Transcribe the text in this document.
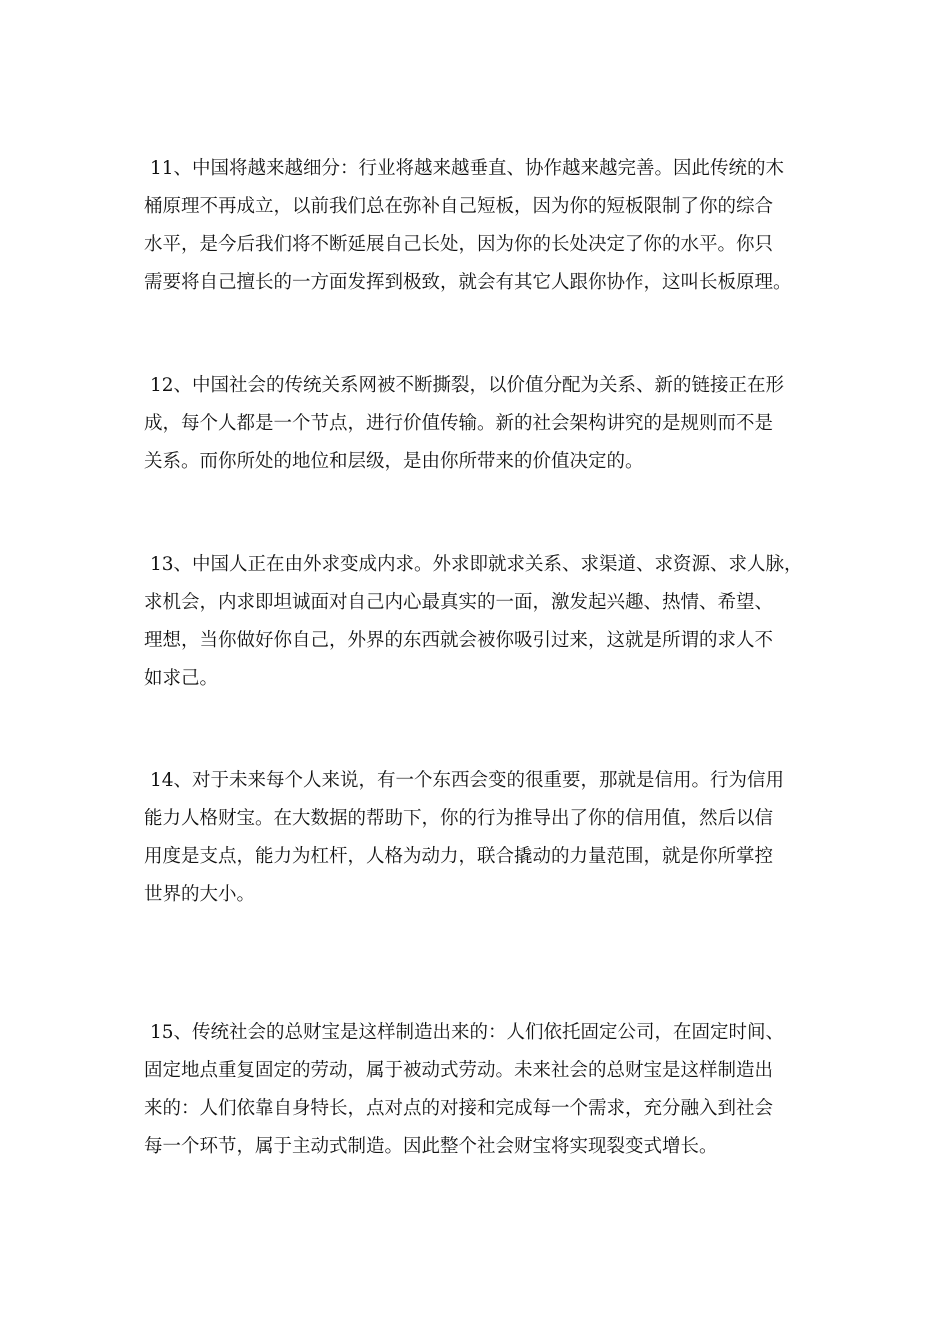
11、中国将越来越细分：行业将越来越垂直、协作越来越完善。因此传统的木
桶原理不再成立，以前我们总在弥补自己短板，因为你的短板限制了你的综合
水平，是今后我们将不断延展自己长处，因为你的长处决定了你的水平。你只
需要将自己擅长的一方面发挥到极致，就会有其它人跟你协作，这叫长板原理。

12、中国社会的传统关系网被不断撕裂，以价值分配为关系、新的链接正在形
成，每个人都是一个节点，进行价值传输。新的社会架构讲究的是规则而不是
关系。而你所处的地位和层级，是由你所带来的价值决定的。

13、中国人正在由外求变成内求。外求即就求关系、求渠道、求资源、求人脉，
求机会，内求即坦诚面对自己内心最真实的一面，激发起兴趣、热情、希望、
理想，当你做好你自己，外界的东西就会被你吸引过来，这就是所谓的求人不
如求己。

14、对于未来每个人来说，有一个东西会变的很重要，那就是信用。行为信用
能力人格财宝。在大数据的帮助下，你的行为推导出了你的信用值，然后以信
用度是支点，能力为杠杆，人格为动力，联合撬动的力量范围，就是你所掌控
世界的大小。

15、传统社会的总财宝是这样制造出来的：人们依托固定公司，在固定时间、
固定地点重复固定的劳动，属于被动式劳动。未来社会的总财宝是这样制造出
来的：人们依靠自身特长，点对点的对接和完成每一个需求，充分融入到社会
每一个环节，属于主动式制造。因此整个社会财宝将实现裂变式增长。
